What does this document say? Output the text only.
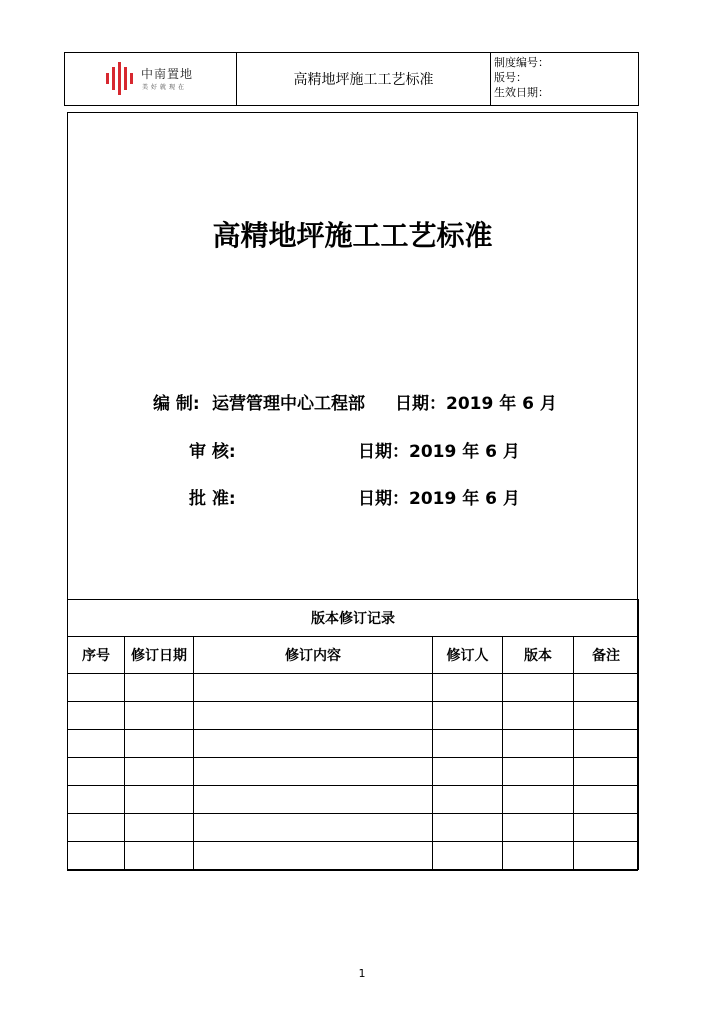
中南置地
美好就现在	高精地坪施工工艺标准
制度编号：
版号：
生效日期：
版本修订记录					
序号	修订日期	修订内容	修订人	版本	备注

高精地坪施工工艺标准
编 制: 运营管理中心工程部 日期：2019 年 6 月
审 核:	日期：2019 年 6 月
批 准:	日期：2019 年 6 月
1
